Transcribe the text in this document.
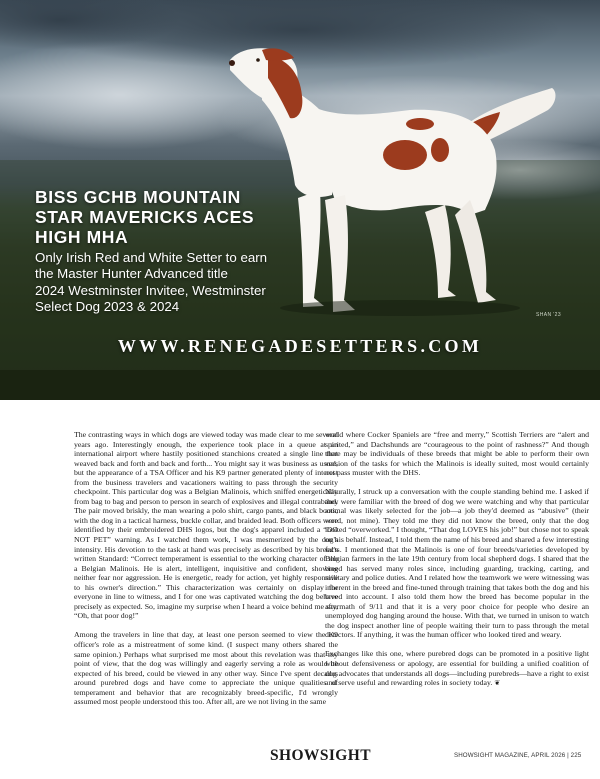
BISS GCHB MOUNTAIN
STAR MAVERICKS ACES
HIGH MHA
Only Irish Red and White Setter to earn
the Master Hunter Advanced title
2024 Westminster Invitee, Westminster
Select Dog 2023 & 2024
SHAN '23
WWW.RENEGADESETTERS.COM

The contrasting ways in which dogs are viewed today was made clear to me several years ago. Interestingly enough, the experience took place in a queue at an international airport where hastily positioned stanchions created a single line that weaved back and forth and back and forth... You might say it was business as usual, but the appearance of a TSA Officer and his K9 partner generated plenty of interest from the business travelers and vacationers waiting to pass through the security checkpoint. This particular dog was a Belgian Malinois, which sniffed energetically from bag to bag and person to person in search of explosives and illegal contraband. The pair moved briskly, the man wearing a polo shirt, cargo pants, and black boots, with the dog in a tactical harness, buckle collar, and braided lead. Both officers were identified by their embroidered DHS logos, but the dog's apparel included a “DO NOT PET” warning. As I watched them work, I was mesmerized by the dog's intensity. His devotion to the task at hand was precisely as described by his breed's written Standard: “Correct temperament is essential to the working character of the a Belgian Malinois. He is alert, intelligent, inquisitive and confident, showing neither fear nor aggression. He is energetic, ready for action, yet highly responsive to his owner's direction.” This characterization was certainly on display for everyone in line to witness, and I for one was captivated watching the dog behave precisely as expected. So, imagine my surprise when I heard a voice behind me say, “Oh, that poor dog!”

Among the travelers in line that day, at least one person seemed to view the K9 officer's role as a mistreatment of some kind. (I suspect many others shared the same opinion.) Perhaps what surprised me most about this revelation was that my point of view, that the dog was willingly and eagerly serving a role as would be expected of his breed, could be viewed in any other way. Since I've spent decades around purebred dogs and have come to appreciate the unique qualities of temperament and behavior that are recognizably breed-specific, I'd wrongly assumed most people understood this too. After all, are we not living in the same

world where Cocker Spaniels are “free and merry,” Scottish Terriers are “alert and spirited,” and Dachshunds are “courageous to the point of rashness?” And though there may be individuals of these breeds that might be able to perform their own version of the tasks for which the Malinois is ideally suited, most would certainly not pass muster with the DHS.

Naturally, I struck up a conversation with the couple standing behind me. I asked if they were familiar with the breed of dog we were watching and why that particular animal was likely selected for the job—a job they'd deemed as “abusive” (their word, not mine). They told me they did not know the breed, only that the dog looked “overworked.” I thought, “That dog LOVES his job!” but chose not to speak on his behalf. Instead, I told them the name of his breed and shared a few interesting facts. I mentioned that the Malinois is one of four breeds/varieties developed by Belgian farmers in the late 19th century from local shepherd dogs. I shared that the breed has served many roles since, including guarding, tracking, carting, and military and police duties. And I related how the teamwork we were witnessing was inherent in the breed and fine-tuned through training that takes both the dog and his breed into account. I also told them how the breed has become popular in the aftermath of 9/11 and that it is a very poor choice for people who desire an unemployed dog hanging around the house. With that, we turned in unison to watch the dog inspect another line of people waiting their turn to pass through the metal detectors. If anything, it was the human officer who looked tired and weary.

Exchanges like this one, where purebred dogs can be promoted in a positive light without defensiveness or apology, are essential for building a unified coalition of dog advocates that understands all dogs—including purebreds—have a right to exist and serve useful and rewarding roles in society today. ❦

SHOWSIGHT	SHOWSIGHT MAGAZINE, APRIL 2026 | 225
